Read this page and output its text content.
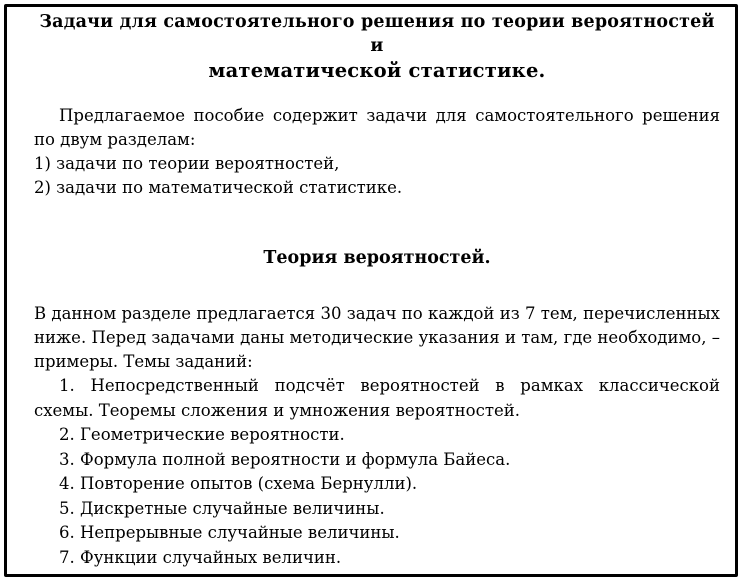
Задачи для самостоятельного решения по теории вероятностей и
математической статистике.
Предлагаемое пособие содержит задачи для самостоятельного решения по двум разделам:
1) задачи по теории вероятностей,
2) задачи по математической статистике.
Теория вероятностей.
В данном разделе предлагается 30 задач по каждой из 7 тем, перечисленных ниже. Перед задачами даны методические указания и там, где необходимо, – примеры. Темы заданий:
1. Непосредственный подсчёт вероятностей в рамках классической схемы. Теоремы сложения и умножения вероятностей.
2. Геометрические вероятности.
3. Формула полной вероятности и формула Байеса.
4. Повторение опытов (схема Бернулли).
5. Дискретные случайные величины.
6. Непрерывные случайные величины.
7. Функции случайных величин.
